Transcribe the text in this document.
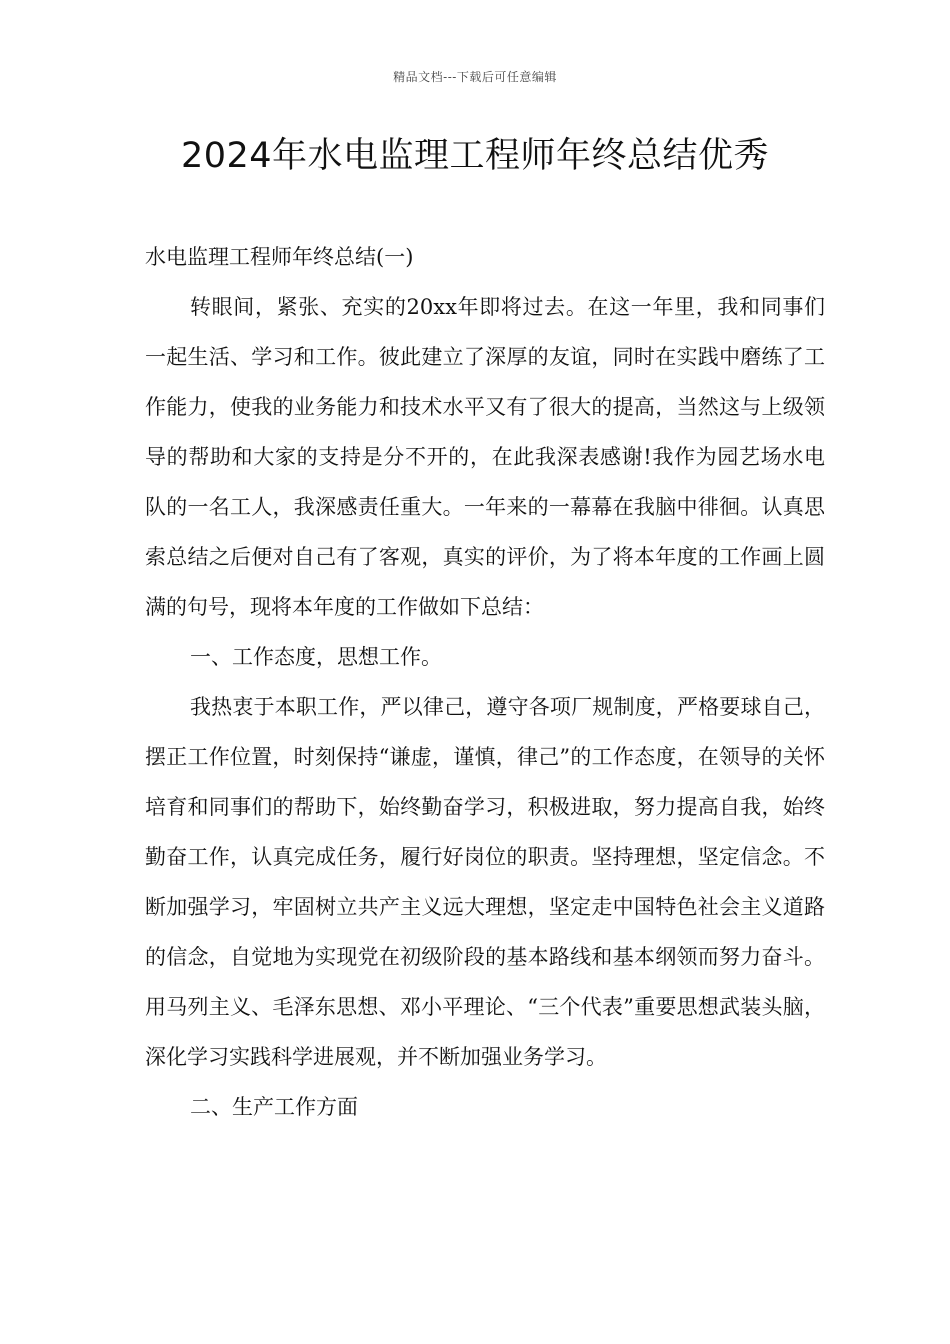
精品文档---下载后可任意编辑
2024年水电监理工程师年终总结优秀

水电监理工程师年终总结(一)

转眼间，紧张、充实的20xx年即将过去。在这一年里，我和同事们一起生活、学习和工作。彼此建立了深厚的友谊，同时在实践中磨练了工作能力，使我的业务能力和技术水平又有了很大的提高，当然这与上级领导的帮助和大家的支持是分不开的，在此我深表感谢!我作为园艺场水电队的一名工人，我深感责任重大。一年来的一幕幕在我脑中徘徊。认真思索总结之后便对自己有了客观，真实的评价，为了将本年度的工作画上圆满的句号，现将本年度的工作做如下总结：

一、工作态度，思想工作。

我热衷于本职工作，严以律己，遵守各项厂规制度，严格要球自己，摆正工作位置，时刻保持“谦虚，谨慎，律己”的工作态度，在领导的关怀培育和同事们的帮助下，始终勤奋学习，积极进取，努力提高自我，始终勤奋工作，认真完成任务，履行好岗位的职责。坚持理想，坚定信念。不断加强学习，牢固树立共产主义远大理想，坚定走中国特色社会主义道路的信念，自觉地为实现党在初级阶段的基本路线和基本纲领而努力奋斗。用马列主义、毛泽东思想、邓小平理论、“三个代表”重要思想武装头脑，深化学习实践科学进展观，并不断加强业务学习。

二、生产工作方面
